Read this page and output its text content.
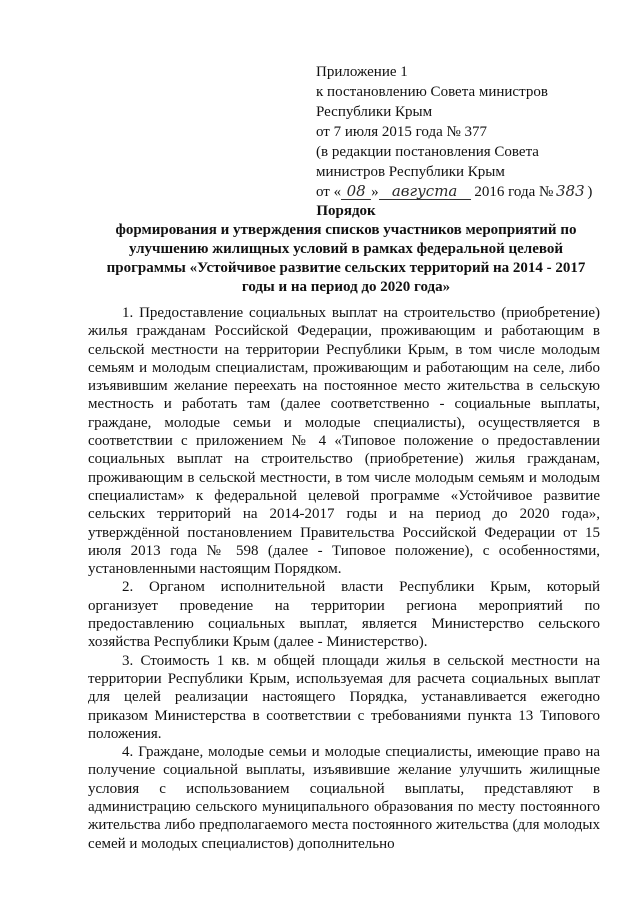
Приложение 1
к постановлению Совета министров
Республики Крым
от 7 июля 2015 года № 377
(в редакции постановления Совета
министров Республики Крым
от « 08 » августа 2016 года № 383 )
Порядок
формирования и утверждения списков участников мероприятий по
улучшению жилищных условий в рамках федеральной целевой
программы «Устойчивое развитие сельских территорий на 2014 - 2017
годы и на период до 2020 года»

1. Предоставление социальных выплат на строительство (приобретение) жилья гражданам Российской Федерации, проживающим и работающим в сельской местности на территории Республики Крым, в том числе молодым семьям и молодым специалистам, проживающим и работающим на селе, либо изъявившим желание переехать на постоянное место жительства в сельскую местность и работать там (далее соответственно - социальные выплаты, граждане, молодые семьи и молодые специалисты), осуществляется в соответствии с приложением № 4 «Типовое положение о предоставлении социальных выплат на строительство (приобретение) жилья гражданам, проживающим в сельской местности, в том числе молодым семьям и молодым специалистам» к федеральной целевой программе «Устойчивое развитие сельских территорий на 2014-2017 годы и на период до 2020 года», утверждённой постановлением Правительства Российской Федерации от 15 июля 2013 года № 598 (далее - Типовое положение), с особенностями, установленными настоящим Порядком.

2. Органом исполнительной власти Республики Крым, который организует проведение на территории региона мероприятий по предоставлению социальных выплат, является Министерство сельского хозяйства Республики Крым (далее - Министерство).

3. Стоимость 1 кв. м общей площади жилья в сельской местности на территории Республики Крым, используемая для расчета социальных выплат для целей реализации настоящего Порядка, устанавливается ежегодно приказом Министерства в соответствии с требованиями пункта 13 Типового положения.

4. Граждане, молодые семьи и молодые специалисты, имеющие право на получение социальной выплаты, изъявившие желание улучшить жилищные условия с использованием социальной выплаты, представляют в администрацию сельского муниципального образования по месту постоянного жительства либо предполагаемого места постоянного жительства (для молодых семей и молодых специалистов) дополнительно
